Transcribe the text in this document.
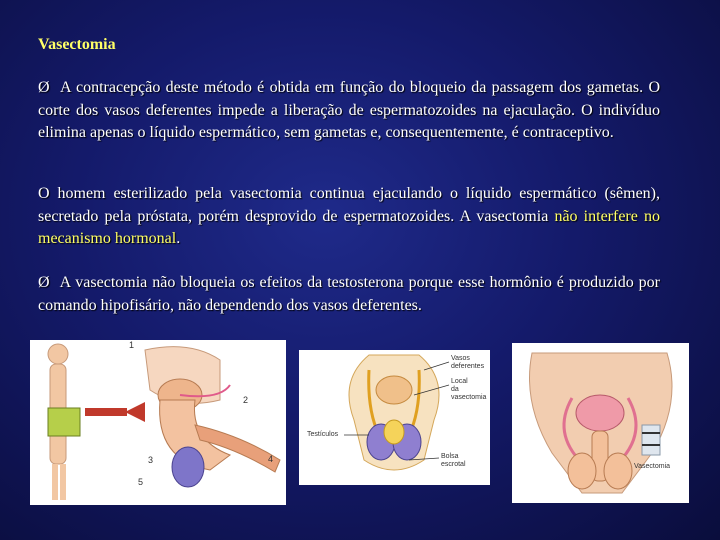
Vasectomia
Ø A contracepção deste método é obtida em função do bloqueio da passagem dos gametas. O corte dos vasos deferentes impede a liberação de espermatozoides na ejaculação. O indivíduo elimina apenas o líquido espermático, sem gametas e, consequentemente, é contraceptivo.
O homem esterilizado pela vasectomia continua ejaculando o líquido espermático (sêmen), secretado pela próstata, porém desprovido de espermatozoides. A vasectomia não interfere no mecanismo hormonal.
Ø A vasectomia não bloqueia os efeitos da testosterona porque esse hormônio é produzido por comando hipofisário, não dependendo dos vasos deferentes.
1
2
3	4
5
Vasos
deferentes
Local
da
vasectomia
Testículos
Bolsa
escrotal	Vasectomia
